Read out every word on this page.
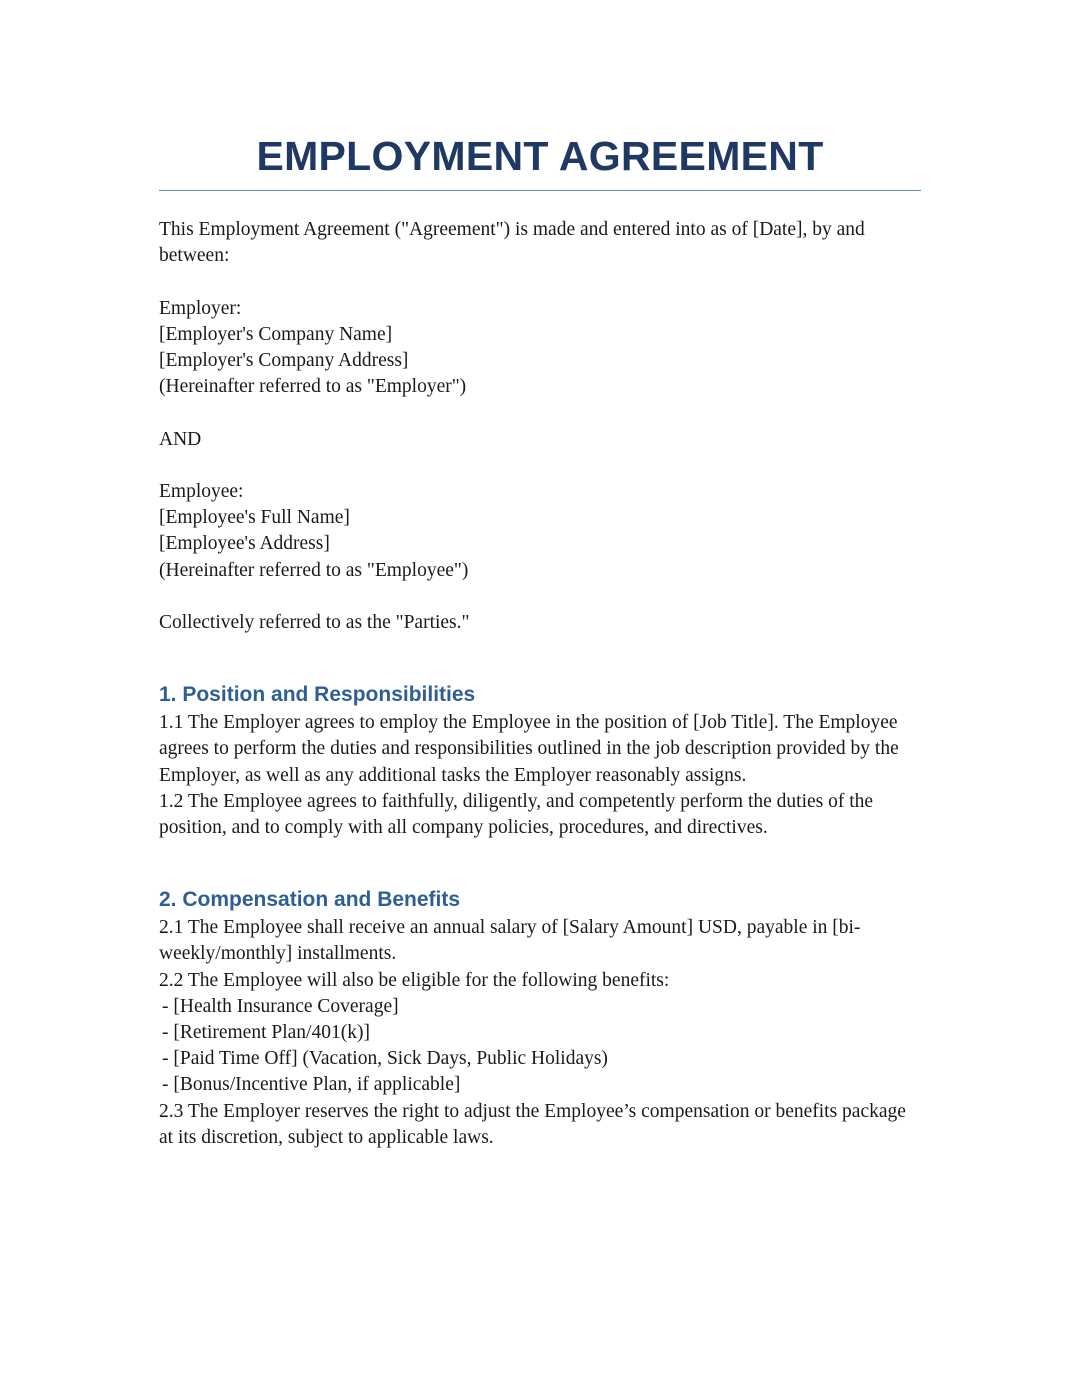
EMPLOYMENT AGREEMENT

This Employment Agreement ("Agreement") is made and entered into as of [Date], by and between:

Employer:
[Employer's Company Name]
[Employer's Company Address]
(Hereinafter referred to as "Employer")
AND
Employee:
[Employee's Full Name]
[Employee's Address]
(Hereinafter referred to as "Employee")
Collectively referred to as the "Parties."
1. Position and Responsibilities

1.1 The Employer agrees to employ the Employee in the position of [Job Title]. The Employee agrees to perform the duties and responsibilities outlined in the job description provided by the Employer, as well as any additional tasks the Employer reasonably assigns.

1.2 The Employee agrees to faithfully, diligently, and competently perform the duties of the position, and to comply with all company policies, procedures, and directives.

2. Compensation and Benefits

2.1 The Employee shall receive an annual salary of [Salary Amount] USD, payable in [bi-weekly/monthly] installments.

2.2 The Employee will also be eligible for the following benefits:

- [Health Insurance Coverage]
- [Retirement Plan/401(k)]
- [Paid Time Off] (Vacation, Sick Days, Public Holidays)
- [Bonus/Incentive Plan, if applicable]

2.3 The Employer reserves the right to adjust the Employee’s compensation or benefits package at its discretion, subject to applicable laws.
